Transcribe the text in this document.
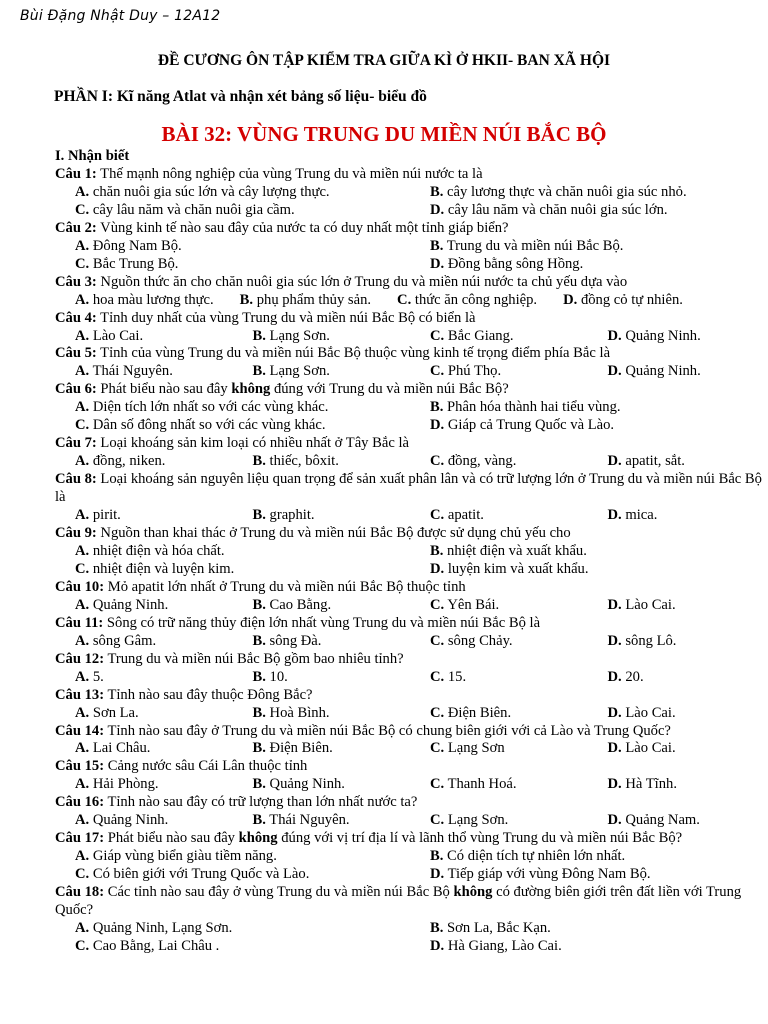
Bùi Đặng Nhật Duy – 12A12
ĐỀ CƯƠNG ÔN TẬP KIỂM TRA GIỮA KÌ Ở HKII- BAN XÃ HỘI
PHẦN I: Kĩ năng Atlat và nhận xét bảng số liệu- biểu đồ
BÀI 32: VÙNG TRUNG DU MIỀN NÚI BẮC BỘ
I. Nhận biết
Câu 1: Thế mạnh nông nghiệp của vùng Trung du và miền núi nước ta là
A. chăn nuôi gia súc lớn và cây lượng thực.	B. cây lương thực và chăn nuôi gia súc nhỏ.
C. cây lâu năm và chăn nuôi gia cầm.	D. cây lâu năm và chăn nuôi gia súc lớn.
Câu 2: Vùng kinh tế nào sau đây của nước ta có duy nhất một tỉnh giáp biển?
A. Đông Nam Bộ.	B. Trung du và miền núi Bắc Bộ.
C. Bắc Trung Bộ.	D. Đồng bằng sông Hồng.
Câu 3: Nguồn thức ăn cho chăn nuôi gia súc lớn ở Trung du và miền núi nước ta chủ yếu dựa vào
A. hoa màu lương thực.	B. phụ phẩm thủy sản.	C. thức ăn công nghiệp.	D. đồng cỏ tự nhiên.
Câu 4: Tỉnh duy nhất của vùng Trung du và miền núi Bắc Bộ có biển là
A. Lào Cai.	B. Lạng Sơn.	C. Bắc Giang.	D. Quảng Ninh.
Câu 5: Tỉnh của vùng Trung du và miền núi Bắc Bộ thuộc vùng kinh tế trọng điểm phía Bắc là
A. Thái Nguyên.	B. Lạng Sơn.	C. Phú Thọ.	D. Quảng Ninh.
Câu 6: Phát biểu nào sau đây không đúng với Trung du và miền núi Bắc Bộ?
A. Diện tích lớn nhất so với các vùng khác.	B. Phân hóa thành hai tiểu vùng.
C. Dân số đông nhất so với các vùng khác.	D. Giáp cả Trung Quốc và Lào.
Câu 7: Loại khoáng sản kim loại có nhiều nhất ở Tây Bắc là
A. đồng, niken.	B. thiếc, bôxit.	C. đồng, vàng.	D. apatit, sắt.
Câu 8: Loại khoáng sản nguyên liệu quan trọng để sản xuất phân lân và có trữ lượng lớn ở Trung du và miền núi Bắc Bộ là
A. pirit.	B. graphit.	C. apatit.	D. mica.
Câu 9: Nguồn than khai thác ở Trung du và miền núi Bắc Bộ được sử dụng chủ yếu cho
A. nhiệt điện và hóa chất.	B. nhiệt điện và xuất khẩu.
C. nhiệt điện và luyện kim.	D. luyện kim và xuất khẩu.
Câu 10: Mỏ apatit lớn nhất ở Trung du và miền núi Bắc Bộ thuộc tỉnh
A. Quảng Ninh.	B. Cao Bằng.	C. Yên Bái.	D. Lào Cai.
Câu 11: Sông có trữ năng thủy điện lớn nhất vùng Trung du và miền núi Bắc Bộ là
A. sông Gâm.	B. sông Đà.	C. sông Chảy.	D. sông Lô.
Câu 12: Trung du và miền núi Bắc Bộ gồm bao nhiêu tỉnh?
A. 5.	B. 10.	C. 15.	D. 20.
Câu 13: Tỉnh nào sau đây thuộc Đông Bắc?
A. Sơn La.	B. Hoà Bình.	C. Điện Biên.	D. Lào Cai.
Câu 14: Tỉnh nào sau đây ở Trung du và miền núi Bắc Bộ có chung biên giới với cả Lào và Trung Quốc?
A. Lai Châu.	B. Điện Biên.	C. Lạng Sơn	D. Lào Cai.
Câu 15: Cảng nước sâu Cái Lân thuộc tỉnh
A. Hải Phòng.	B. Quảng Ninh.	C. Thanh Hoá.	D. Hà Tĩnh.
Câu 16: Tỉnh nào sau đây có trữ lượng than lớn nhất nước ta?
A. Quảng Ninh.	B. Thái Nguyên.	C. Lạng Sơn.	D. Quảng Nam.
Câu 17: Phát biểu nào sau đây không đúng với vị trí địa lí và lãnh thổ vùng Trung du và miền núi Bắc Bộ?
A. Giáp vùng biển giàu tiềm năng.	B. Có diện tích tự nhiên lớn nhất.
C. Có biên giới với Trung Quốc và Lào.	D. Tiếp giáp với vùng Đông Nam Bộ.
Câu 18: Các tỉnh nào sau đây ở vùng Trung du và miền núi Bắc Bộ không có đường biên giới trên đất liền với Trung Quốc?
A. Quảng Ninh, Lạng Sơn.	B. Sơn La, Bắc Kạn.
C. Cao Bằng, Lai Châu .	D. Hà Giang, Lào Cai.
